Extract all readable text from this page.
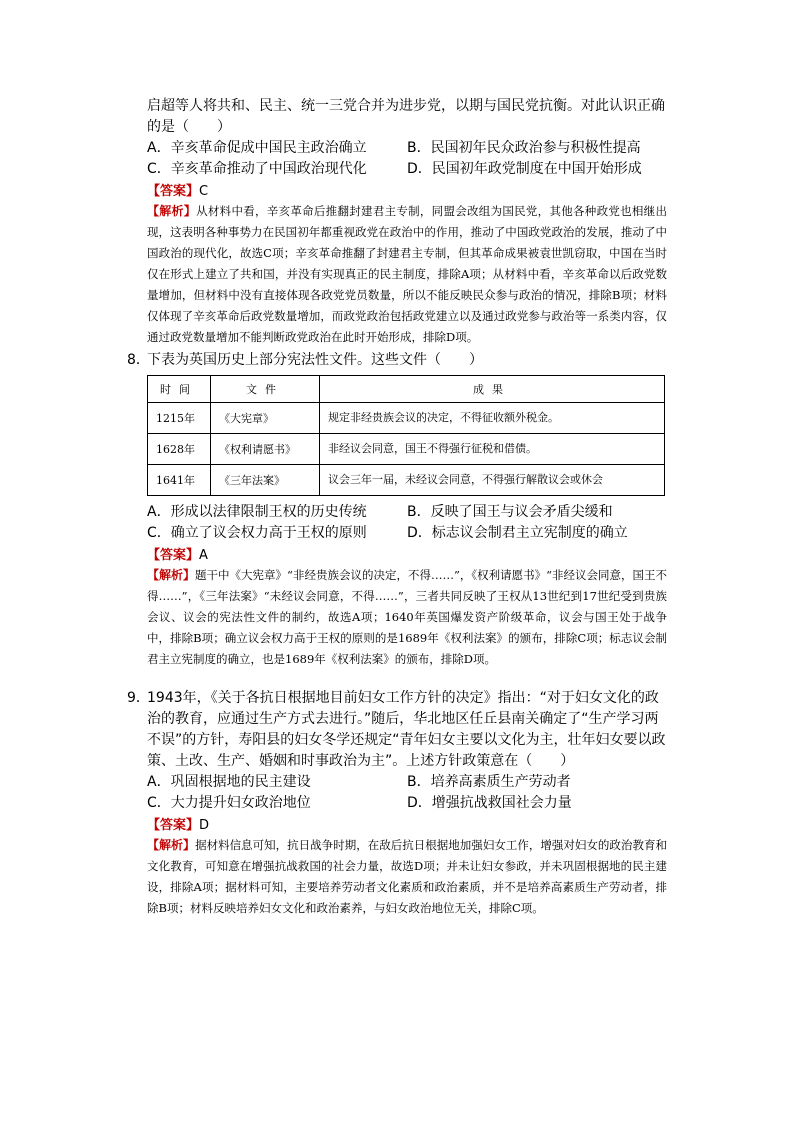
启超等人将共和、民主、统一三党合并为进步党，以期与国民党抗衡。对此认识正确

的是（　　）

A．辛亥革命促成中国民主政治确立	B．民国初年民众政治参与积极性提高
C．辛亥革命推动了中国政治现代化	D．民国初年政党制度在中国开始形成
【答案】C

【解析】从材料中看，辛亥革命后推翻封建君主专制，同盟会改组为国民党，其他各种政党也相继出现，这表明各种事势力在民国初年都重视政党在政治中的作用，推动了中国政党政治的发展，推动了中国政治的现代化，故选C项；辛亥革命推翻了封建君主专制，但其革命成果被袁世凯窃取，中国在当时仅在形式上建立了共和国，并没有实现真正的民主制度，排除A项；从材料中看，辛亥革命以后政党数量增加，但材料中没有直接体现各政党党员数量，所以不能反映民众参与政治的情况，排除B项；材料仅体现了辛亥革命后政党数量增加，而政党政治包括政党建立以及通过政党参与政治等一系类内容，仅通过政党数量增加不能判断政党政治在此时开始形成，排除D项。

8．

下表为英国历史上部分宪法性文件。这些文件（　　）

时间	文件	成果
1215年	《大宪章》	规定非经贵族会议的决定，不得征收额外税金。
1628年	《权利请愿书》	非经议会同意，国王不得强行征税和借债。
1641年	《三年法案》	议会三年一届，未经议会同意，不得强行解散议会或休会
A．形成以法律限制王权的历史传统	B．反映了国王与议会矛盾尖缓和
C．确立了议会权力高于王权的原则	D．标志议会制君主立宪制度的确立
【答案】A

【解析】题干中《大宪章》“非经贵族会议的决定，不得……”，《权利请愿书》“非经议会同意，国王不得……”，《三年法案》“未经议会同意，不得……”，三者共同反映了王权从13世纪到17世纪受到贵族会议、议会的宪法性文件的制约，故选A项；1640年英国爆发资产阶级革命，议会与国王处于战争中，排除B项；确立议会权力高于王权的原则的是1689年《权利法案》的颁布，排除C项；标志议会制君主立宪制度的确立，也是1689年《权利法案》的颁布，排除D项。

9．

1943年，《关于各抗日根据地目前妇女工作方针的决定》指出：“对于妇女文化的政治的教育，应通过生产方式去进行。”随后，华北地区任丘县南关确定了“生产学习两不误”的方针，寿阳县的妇女冬学还规定“青年妇女主要以文化为主，壮年妇女要以政策、土改、生产、婚姻和时事政治为主”。上述方针政策意在（　　）

A．巩固根据地的民主建设	B．培养高素质生产劳动者
C．大力提升妇女政治地位	D．增强抗战救国社会力量
【答案】D

【解析】据材料信息可知，抗日战争时期，在敌后抗日根据地加强妇女工作，增强对妇女的政治教育和文化教育，可知意在增强抗战救国的社会力量，故选D项；并未让妇女参政，并未巩固根据地的民主建设，排除A项；据材料可知，主要培养劳动者文化素质和政治素质，并不是培养高素质生产劳动者，排除B项；材料反映培养妇女文化和政治素养，与妇女政治地位无关，排除C项。
